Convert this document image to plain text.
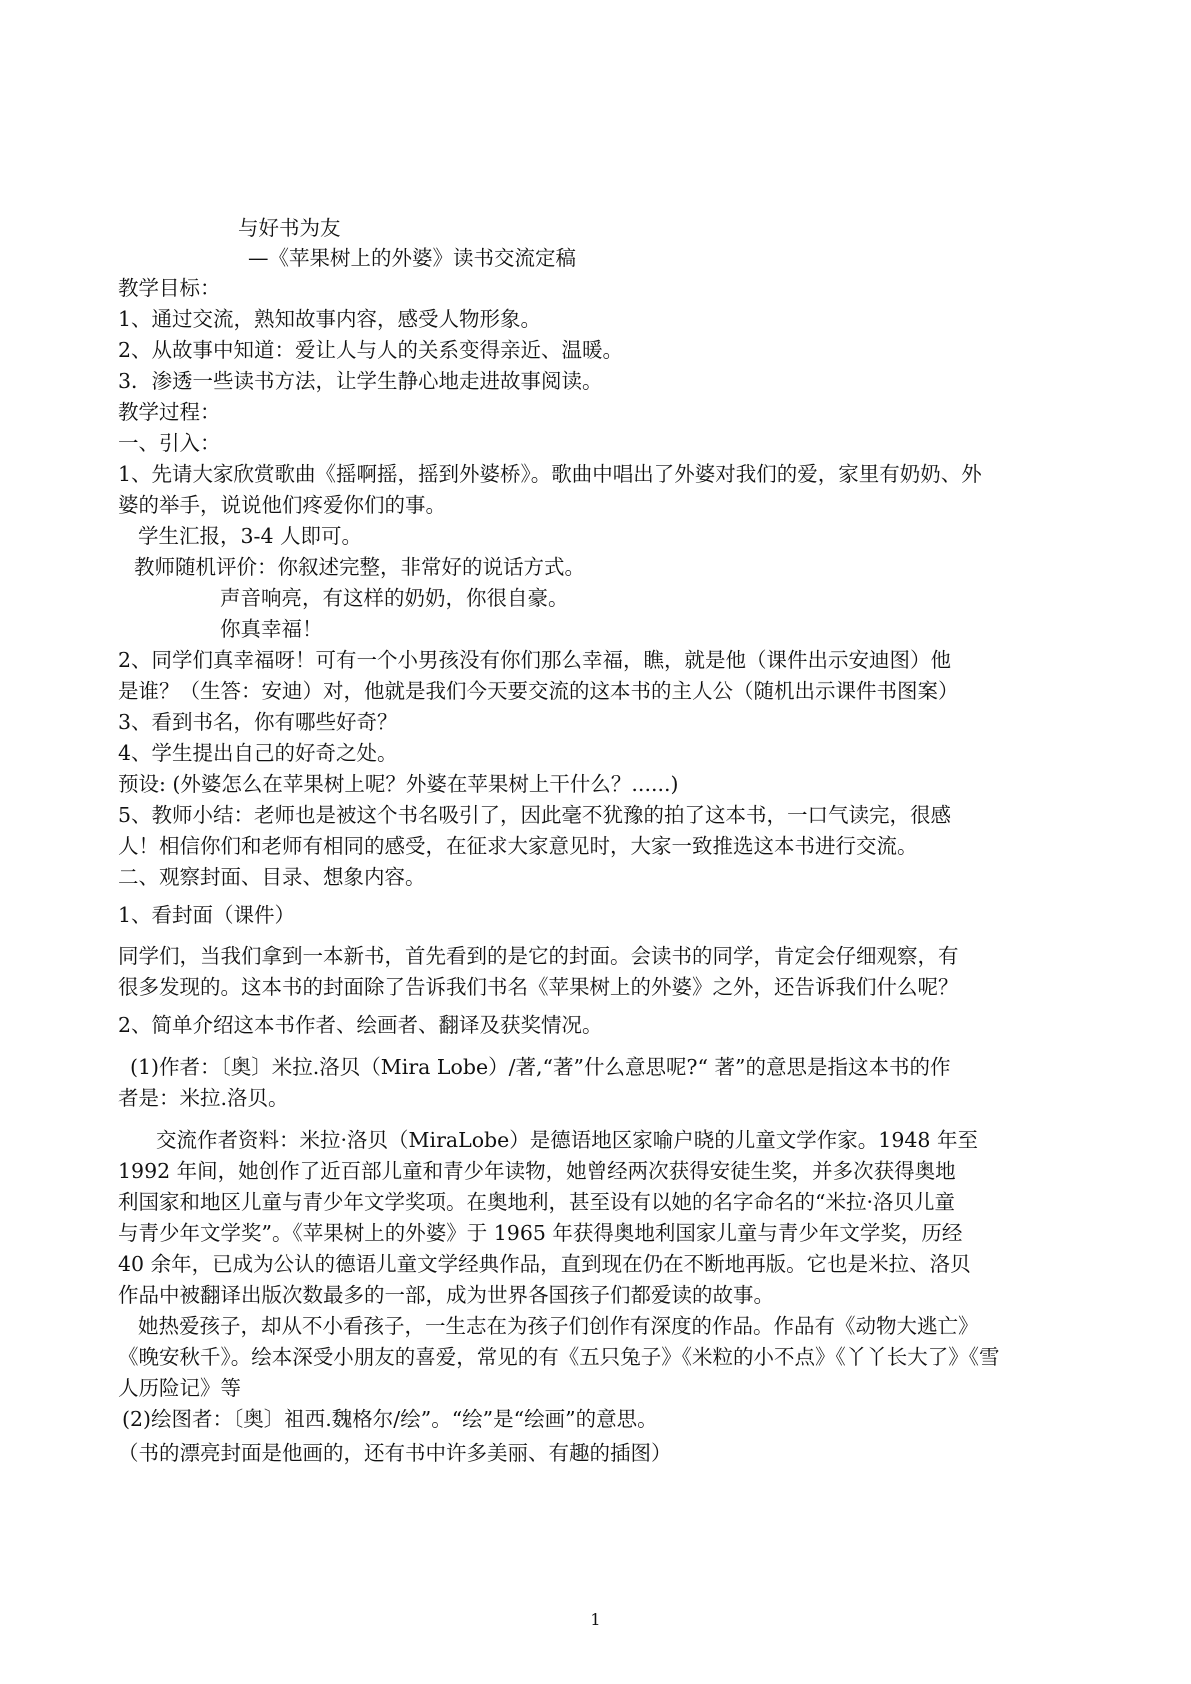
与好书为友
—《苹果树上的外婆》读书交流定稿
教学目标：
1、通过交流，熟知故事内容，感受人物形象。
2、从故事中知道：爱让人与人的关系变得亲近、温暖。
3．渗透一些读书方法，让学生静心地走进故事阅读。
教学过程：
一、引入：
1、先请大家欣赏歌曲《摇啊摇，摇到外婆桥》。歌曲中唱出了外婆对我们的爱，家里有奶奶、外
婆的举手，说说他们疼爱你们的事。
学生汇报，3-4 人即可。
教师随机评价：你叙述完整，非常好的说话方式。
声音响亮，有这样的奶奶，你很自豪。
你真幸福！
2、同学们真幸福呀！可有一个小男孩没有你们那么幸福，瞧，就是他（课件出示安迪图）他
是谁？（生答：安迪）对，他就是我们今天要交流的这本书的主人公（随机出示课件书图案）
3、看到书名，你有哪些好奇？
4、学生提出自己的好奇之处。
预设: (外婆怎么在苹果树上呢？外婆在苹果树上干什么？......)
5、教师小结：老师也是被这个书名吸引了，因此毫不犹豫的拍了这本书，一口气读完，很感
人！相信你们和老师有相同的感受，在征求大家意见时，大家一致推选这本书进行交流。
二、观察封面、目录、想象内容。
1、看封面（课件）
同学们，当我们拿到一本新书，首先看到的是它的封面。会读书的同学，肯定会仔细观察，有
很多发现的。这本书的封面除了告诉我们书名《苹果树上的外婆》之外，还告诉我们什么呢？
2、简单介绍这本书作者、绘画者、翻译及获奖情况。
(1)作者：〔奥〕米拉.洛贝（Mira Lobe）/著,“著”什么意思呢?“ 著”的意思是指这本书的作
者是：米拉.洛贝。
交流作者资料：米拉·洛贝（MiraLobe）是德语地区家喻户晓的儿童文学作家。1948 年至
1992 年间，她创作了近百部儿童和青少年读物，她曾经两次获得安徒生奖，并多次获得奥地
利国家和地区儿童与青少年文学奖项。在奥地利，甚至设有以她的名字命名的“米拉·洛贝儿童
与青少年文学奖”。《苹果树上的外婆》于 1965 年获得奥地利国家儿童与青少年文学奖，历经
40 余年，已成为公认的德语儿童文学经典作品，直到现在仍在不断地再版。它也是米拉、洛贝
作品中被翻译出版次数最多的一部，成为世界各国孩子们都爱读的故事。
她热爱孩子，却从不小看孩子，一生志在为孩子们创作有深度的作品。作品有《动物大逃亡》
《晚安秋千》。绘本深受小朋友的喜爱，常见的有《五只兔子》《米粒的小不点》《丫丫长大了》《雪
人历险记》等
(2)绘图者：〔奥〕祖西.魏格尔/绘”。“绘”是“绘画”的意思。
（书的漂亮封面是他画的，还有书中许多美丽、有趣的插图）
1
